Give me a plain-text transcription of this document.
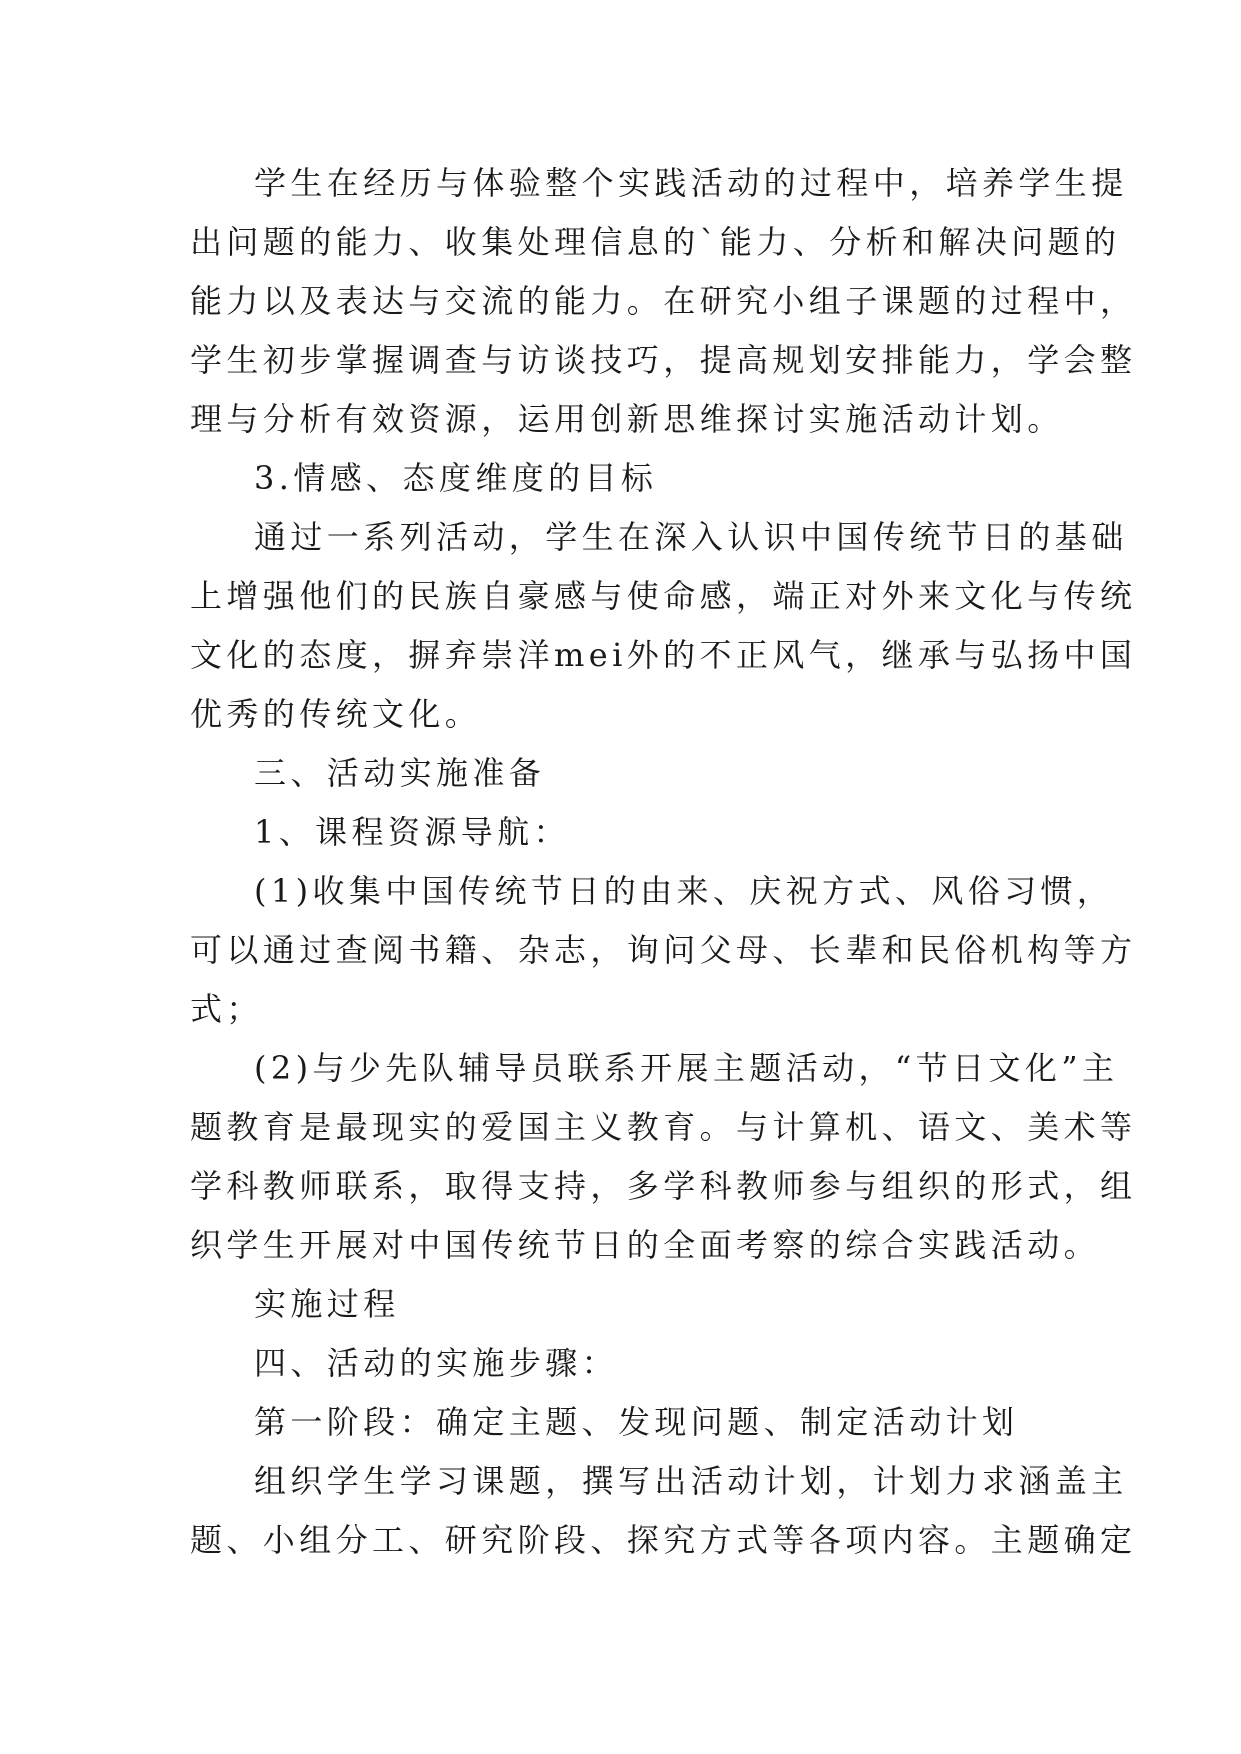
学生在经历与体验整个实践活动的过程中，培养学生提

出问题的能力、收集处理信息的`能力、分析和解决问题的

能力以及表达与交流的能力。在研究小组子课题的过程中，

学生初步掌握调查与访谈技巧，提高规划安排能力，学会整

理与分析有效资源，运用创新思维探讨实施活动计划。

3.情感、态度维度的目标

通过一系列活动，学生在深入认识中国传统节日的基础

上增强他们的民族自豪感与使命感，端正对外来文化与传统

文化的态度，摒弃崇洋mei外的不正风气，继承与弘扬中国

优秀的传统文化。

三、活动实施准备

1、课程资源导航：

(1)收集中国传统节日的由来、庆祝方式、风俗习惯，

可以通过查阅书籍、杂志，询问父母、长辈和民俗机构等方

式；

(2)与少先队辅导员联系开展主题活动，“节日文化”主

题教育是最现实的爱国主义教育。与计算机、语文、美术等

学科教师联系，取得支持，多学科教师参与组织的形式，组

织学生开展对中国传统节日的全面考察的综合实践活动。

实施过程

四、活动的实施步骤：

第一阶段：确定主题、发现问题、制定活动计划

组织学生学习课题，撰写出活动计划，计划力求涵盖主

题、小组分工、研究阶段、探究方式等各项内容。主题确定
